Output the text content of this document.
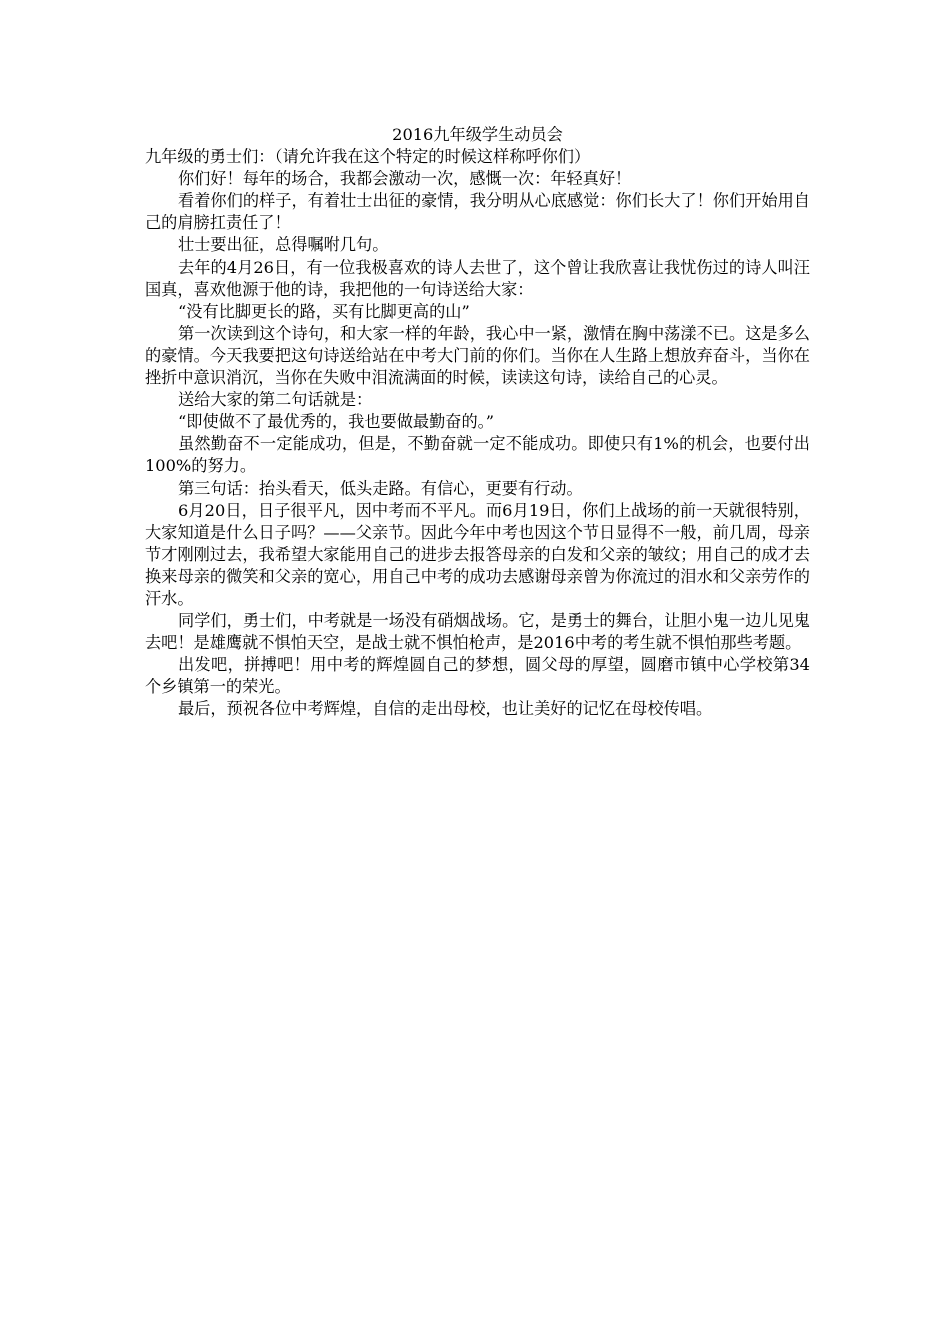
2016九年级学生动员会

九年级的勇士们：（请允许我在这个特定的时候这样称呼你们）

你们好！每年的场合，我都会激动一次，感慨一次：年轻真好！

看着你们的样子，有着壮士出征的豪情，我分明从心底感觉：你们长大了！你们开始用自己的肩膀扛责任了！

壮士要出征，总得嘱咐几句。

去年的4月26日，有一位我极喜欢的诗人去世了，这个曾让我欣喜让我忧伤过的诗人叫汪国真，喜欢他源于他的诗，我把他的一句诗送给大家：

“没有比脚更长的路，买有比脚更高的山”

第一次读到这个诗句，和大家一样的年龄，我心中一紧，激情在胸中荡漾不已。这是多么的豪情。今天我要把这句诗送给站在中考大门前的你们。当你在人生路上想放弃奋斗，当你在挫折中意识消沉，当你在失败中泪流满面的时候，读读这句诗，读给自己的心灵。

送给大家的第二句话就是：

“即使做不了最优秀的，我也要做最勤奋的。”

虽然勤奋不一定能成功，但是，不勤奋就一定不能成功。即使只有1%的机会，也要付出100%的努力。

第三句话：抬头看天，低头走路。有信心，更要有行动。

6月20日，日子很平凡，因中考而不平凡。而6月19日，你们上战场的前一天就很特别，大家知道是什么日子吗？——父亲节。因此今年中考也因这个节日显得不一般，前几周，母亲节才刚刚过去，我希望大家能用自己的进步去报答母亲的白发和父亲的皱纹；用自己的成才去换来母亲的微笑和父亲的宽心，用自己中考的成功去感谢母亲曾为你流过的泪水和父亲劳作的汗水。

同学们，勇士们，中考就是一场没有硝烟战场。它，是勇士的舞台，让胆小鬼一边儿见鬼去吧！是雄鹰就不惧怕天空，是战士就不惧怕枪声，是2016中考的考生就不惧怕那些考题。

出发吧，拼搏吧！用中考的辉煌圆自己的梦想，圆父母的厚望，圆磨市镇中心学校第34个乡镇第一的荣光。

最后，预祝各位中考辉煌，自信的走出母校，也让美好的记忆在母校传唱。
